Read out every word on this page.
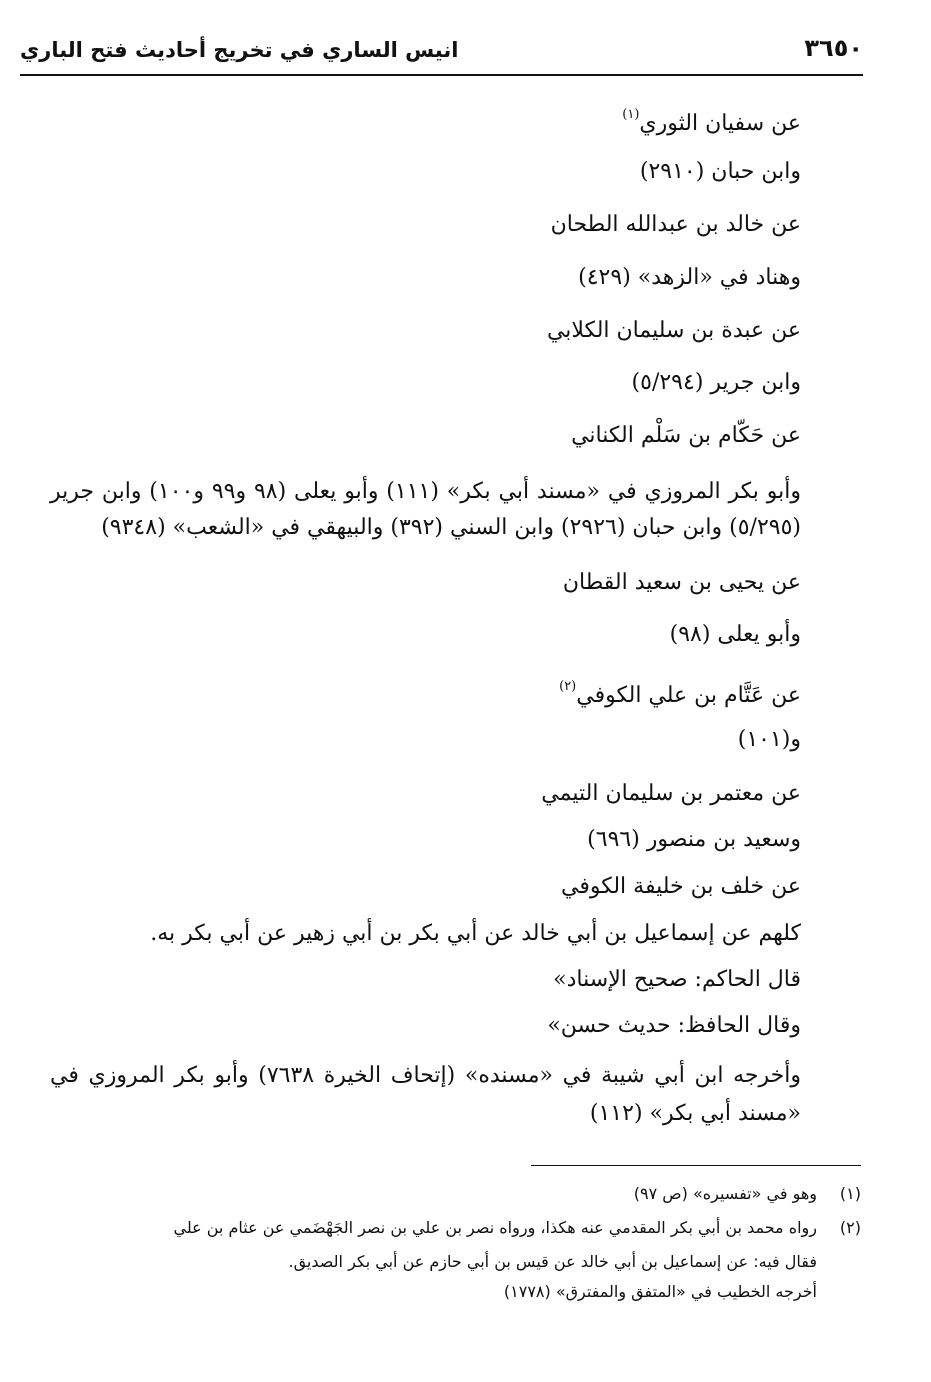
٣٦٥٠
انيس الساري في تخريج أحاديث فتح الباري
عن سفيان الثوري$^{(١)}$
وابن حبان (٢٩١٠)
عن خالد بن عبدالله الطحان
وهناد في «الزهد» (٤٢٩)
عن عبدة بن سليمان الكلابي
وابن جرير (٥/٢٩٤)
عن حَكّام بن سَلْم الكناني
وأبو بكر المروزي في «مسند أبي بكر» (١١١) وأبو يعلى (٩٨ و٩٩ و١٠٠) وابن جرير (٥/٢٩٥) وابن حبان (٢٩٢٦) وابن السني (٣٩٢) والبيهقي في «الشعب» (٩٣٤٨)
عن يحيى بن سعيد القطان
وأبو يعلى (٩٨)
عن عَتَّام بن علي الكوفي$^{(٢)}$
و(١٠١)
عن معتمر بن سليمان التيمي
وسعيد بن منصور (٦٩٦)
عن خلف بن خليفة الكوفي
كلهم عن إسماعيل بن أبي خالد عن أبي بكر بن أبي زهير عن أبي بكر به.
قال الحاكم: صحيح الإسناد»
وقال الحافظ: حديث حسن»
وأخرجه ابن أبي شيبة في «مسنده» (إتحاف الخيرة ٧٦٣٨) وأبو بكر المروزي في «مسند أبي بكر» (١١٢)
(١)وهو في «تفسيره» (ص ٩٧)
(٢)رواه محمد بن أبي بكر المقدمي عنه هكذا، ورواه نصر بن علي بن نصر الجَهْضَمي عن عثام بن علي
فقال فيه: عن إسماعيل بن أبي خالد عن قيس بن أبي حازم عن أبي بكر الصديق.
أخرجه الخطيب في «المتفق والمفترق» (١٧٧٨)
